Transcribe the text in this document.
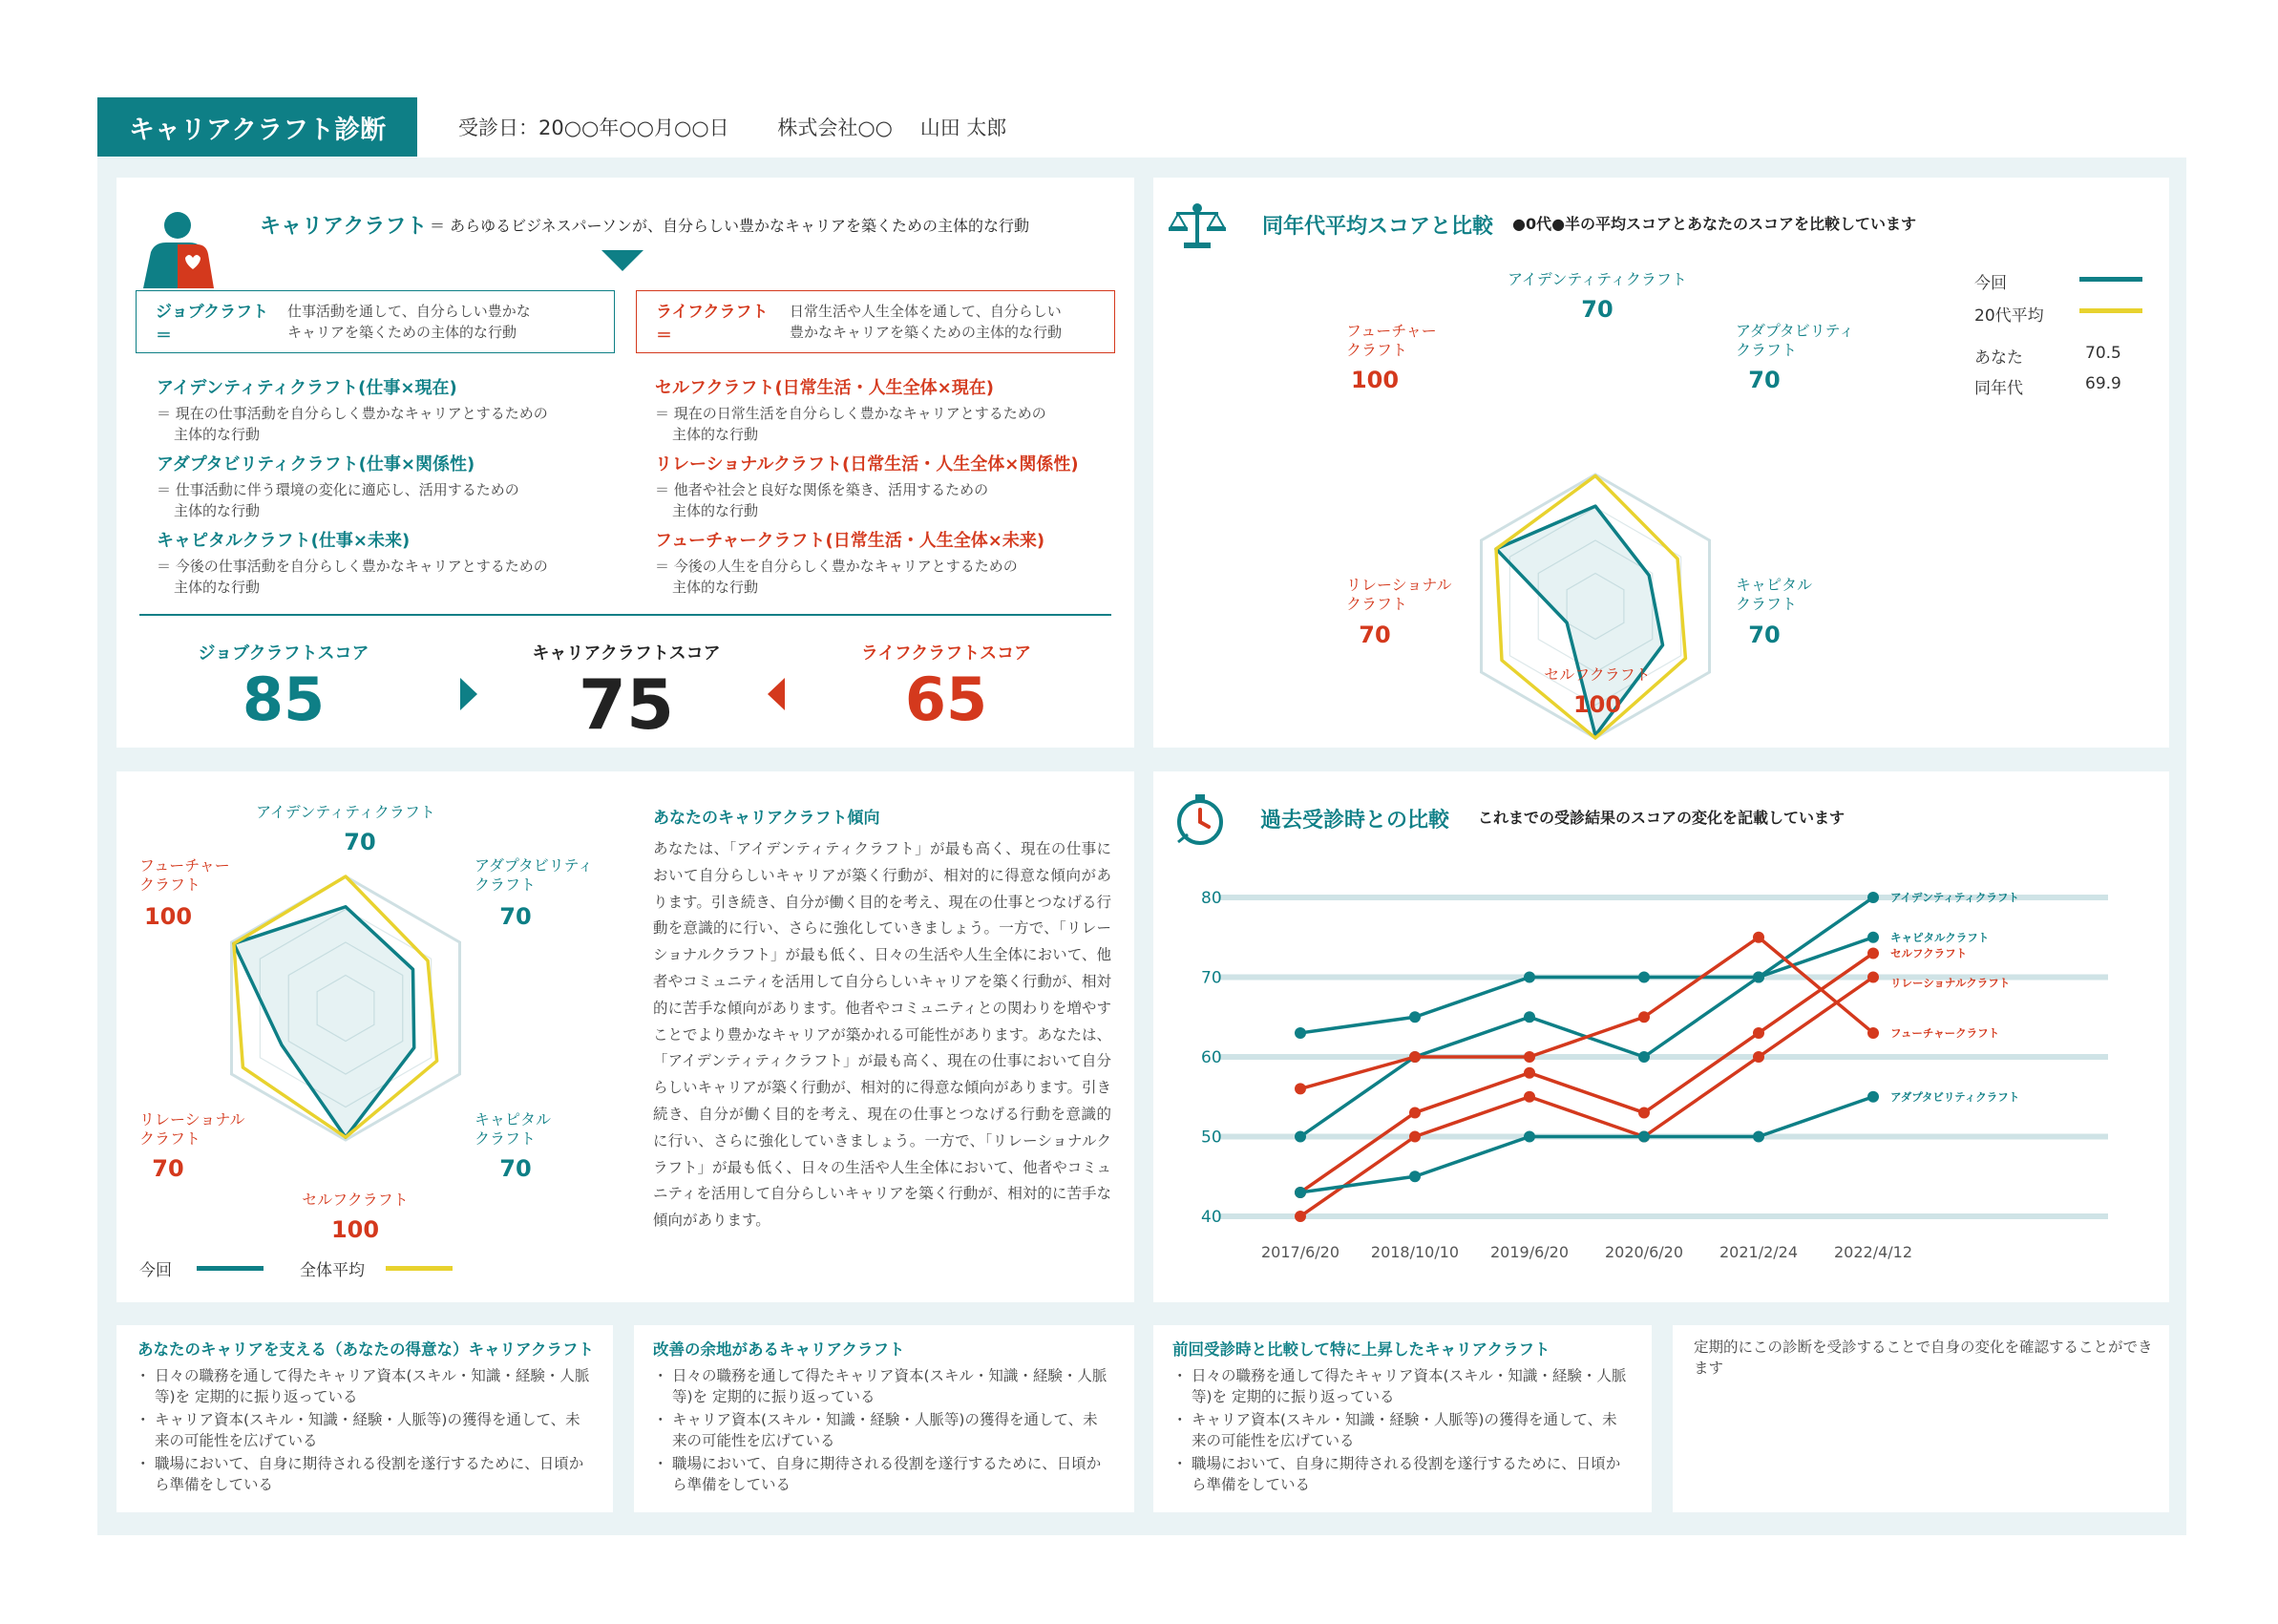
キャリアクラフト診断	受診日：20○○年○○月○○日 株式会社○○ 山田 太郎
キャリアクラフト ＝ あらゆるビジネスパーソンが、自分らしい豊かなキャリアを築くための主体的な行動
ジョブクラフト ＝
仕事活動を通して、自分らしい豊かな
キャリアを築くための主体的な行動
ライフクラフト ＝
日常生活や人生全体を通して、自分らしい
豊かなキャリアを築くための主体的な行動
アイデンティティクラフト(仕事×現在)
＝ 現在の仕事活動を自分らしく豊かなキャリアとするための
主体的な行動
アダプタビリティクラフト(仕事×関係性)
＝ 仕事活動に伴う環境の変化に適応し、活用するための
主体的な行動
キャピタルクラフト(仕事×未来)
＝ 今後の仕事活動を自分らしく豊かなキャリアとするための
主体的な行動
セルフクラフト(日常生活・人生全体×現在)
＝ 現在の日常生活を自分らしく豊かなキャリアとするための
主体的な行動
リレーショナルクラフト(日常生活・人生全体×関係性)
＝ 他者や社会と良好な関係を築き、活用するための
主体的な行動
フューチャークラフト(日常生活・人生全体×未来)
＝ 今後の人生を自分らしく豊かなキャリアとするための
主体的な行動
ジョブクラフトスコア
85
キャリアクラフトスコア
75
ライフクラフトスコア
65
同年代平均スコアと比較 ●0代●半の平均スコアとあなたのスコアを比較しています
アイデンティティクラフト
70
アダプタビリティ
クラフト
70
キャピタル
クラフト
70
セルフクラフト
100
リレーショナル
クラフト
70
フューチャー
クラフト
100
今回
20代平均
あなた	70.5
同年代	69.9
アイデンティティクラフト
70
アダプタビリティ
クラフト
70
キャピタル
クラフト
70
セルフクラフト
100
リレーショナル
クラフト
70
フューチャー
クラフト
100
今回	全体平均
あなたのキャリアクラフト傾向
あなたは、「アイデンティティクラフト」が最も高く、現在の仕事において自分らしいキャリアが築く行動が、相対的に得意な傾向があります。引き続き、自分が働く目的を考え、現在の仕事とつなげる行動を意識的に行い、さらに強化していきましょう。一方で、「リレーショナルクラフト」が最も低く、日々の生活や人生全体において、他者やコミュニティを活用して自分らしいキャリアを築く行動が、相対的に苦手な傾向があります。他者やコミュニティとの関わりを増やすことでより豊かなキャリアが築かれる可能性があります。あなたは、「アイデンティティクラフト」が最も高く、現在の仕事において自分らしいキャリアが築く行動が、相対的に得意な傾向があります。引き続き、自分が働く目的を考え、現在の仕事とつなげる行動を意識的に行い、さらに強化していきましょう。一方で、「リレーショナルクラフト」が最も低く、日々の生活や人生全体において、他者やコミュニティを活用して自分らしいキャリアを築く行動が、相対的に苦手な傾向があります。
過去受診時との比較 これまでの受診結果のスコアの変化を記載しています
80
70
60
50
40
2017/6/20 2018/10/10 2019/6/20 2020/6/20 2021/2/24 2022/4/12
アイデンティティクラフト
キャピタルクラフト
セルフクラフト
リレーショナルクラフト
フューチャークラフト
アダプタビリティクラフト
あなたのキャリアを支える（あなたの得意な）キャリアクラフト
・ 日々の職務を通して得たキャリア資本(スキル・知識・経験・人脈等)を 定期的に振り返っている
・ キャリア資本(スキル・知識・経験・人脈等)の獲得を通して、未来の可能性を広げている
・ 職場において、自身に期待される役割を遂行するために、日頃から準備をしている
改善の余地があるキャリアクラフト
・ 日々の職務を通して得たキャリア資本(スキル・知識・経験・人脈等)を 定期的に振り返っている
・ キャリア資本(スキル・知識・経験・人脈等)の獲得を通して、未来の可能性を広げている
・ 職場において、自身に期待される役割を遂行するために、日頃から準備をしている
前回受診時と比較して特に上昇したキャリアクラフト
・ 日々の職務を通して得たキャリア資本(スキル・知識・経験・人脈等)を 定期的に振り返っている
・ キャリア資本(スキル・知識・経験・人脈等)の獲得を通して、未来の可能性を広げている
・ 職場において、自身に期待される役割を遂行するために、日頃から準備をしている
定期的にこの診断を受診することで自身の変化を確認することができます
